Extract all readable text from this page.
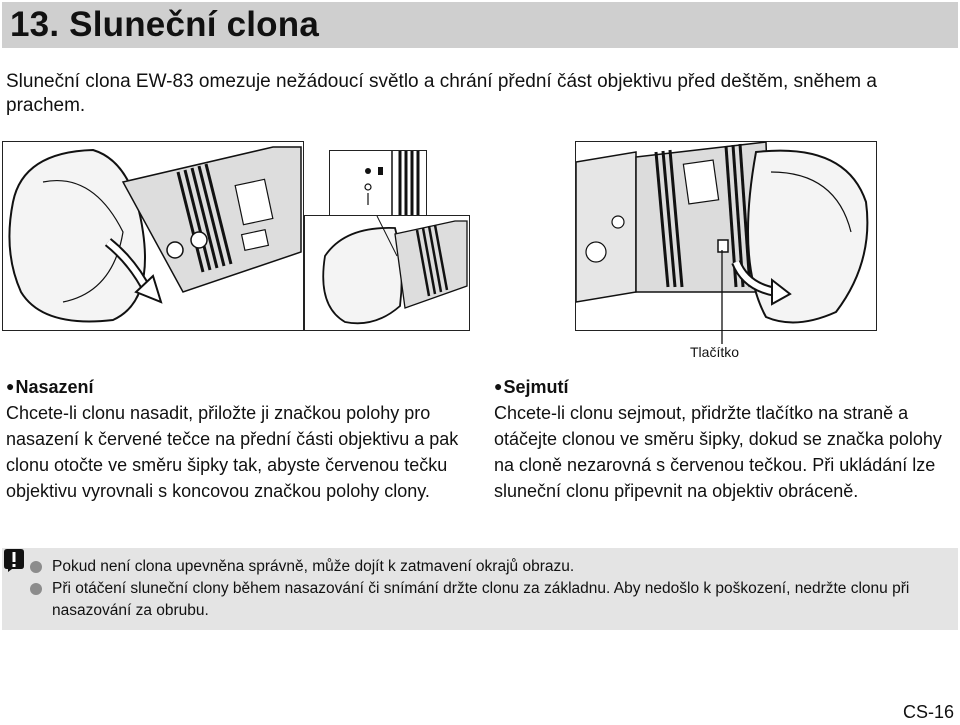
13. Sluneční clona

Sluneční clona EW-83 omezuje nežádoucí světlo a chrání přední část objektivu před deštěm, sněhem a prachem.

Tlačítko
●Nasazení
Chcete-li clonu nasadit, přiložte ji značkou polohy pro nasazení k červené tečce na přední části objektivu a pak clonu otočte ve směru šipky tak, abyste červenou tečku objektivu vyrovnali s koncovou značkou polohy clony.
●Sejmutí
Chcete-li clonu sejmout, přidržte tlačítko na straně a otáčejte clonou ve směru šipky, dokud se značka polohy na cloně nezarovná s červenou tečkou. Při ukládání lze sluneční clonu připevnit na objektiv obráceně.
Pokud není clona upevněna správně, může dojít k zatmavení okrajů obrazu.
Při otáčení sluneční clony během nasazování či snímání držte clonu za základnu. Aby nedošlo k poškození, nedržte clonu při nasazování za obrubu.
CS-16
